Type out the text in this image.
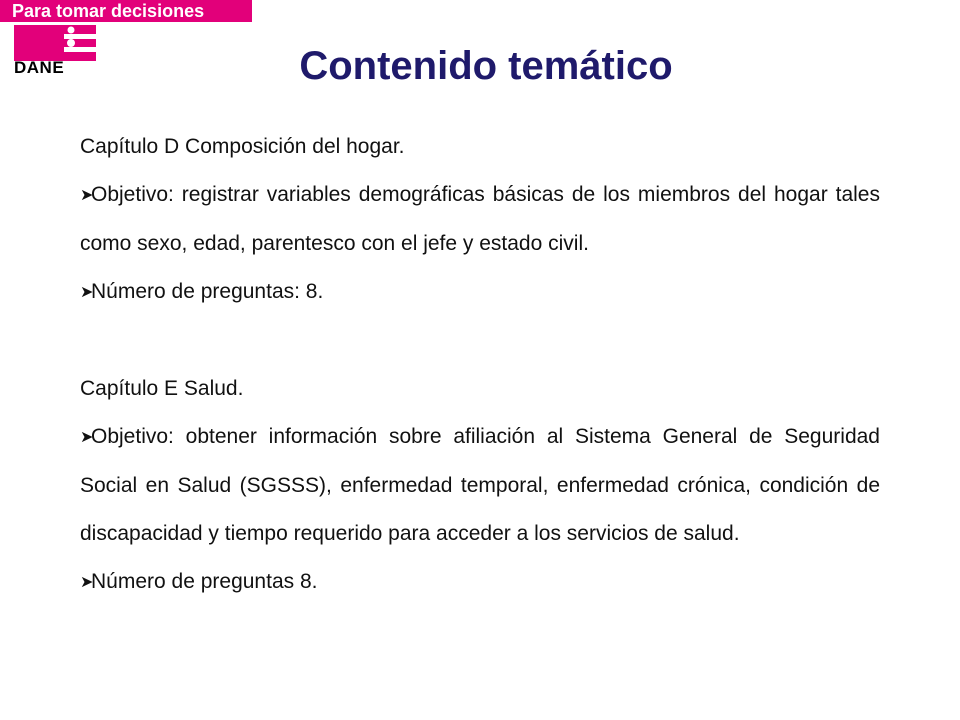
Para tomar decisiones
DANE	Contenido temático

Capítulo D Composición del hogar.

➤Objetivo: registrar variables demográficas básicas de los miembros del hogar tales como sexo, edad, parentesco con el jefe y estado civil.

➤Número de preguntas: 8.

Capítulo E Salud.

➤Objetivo: obtener información sobre afiliación al Sistema General de Seguridad Social en Salud (SGSSS), enfermedad temporal, enfermedad crónica, condición de discapacidad y tiempo requerido para acceder a los servicios de salud.

➤Número de preguntas 8.
